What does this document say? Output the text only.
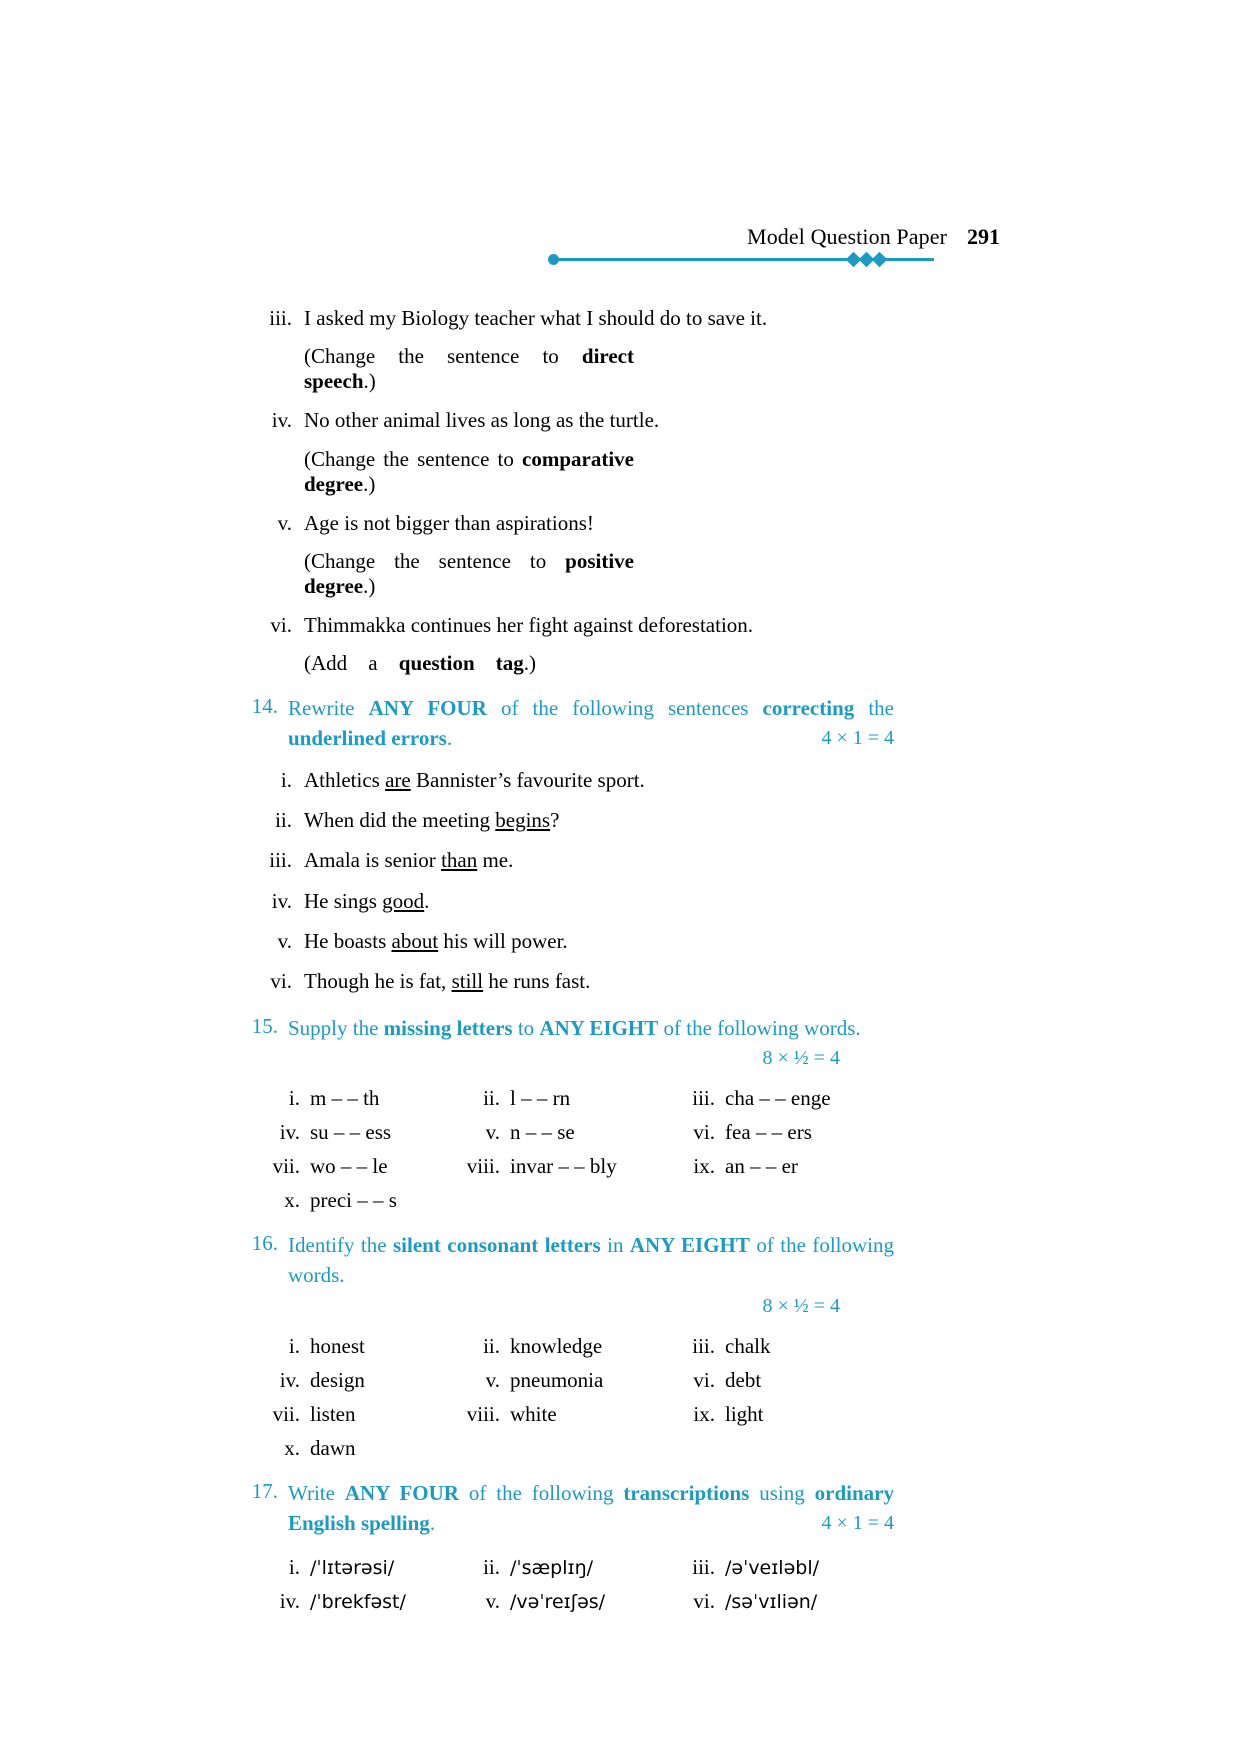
Model Question Paper 291
iii. I asked my Biology teacher what I should do to save it.
(Change the sentence to direct speech.)
iv. No other animal lives as long as the turtle.
(Change the sentence to comparative degree.)
v. Age is not bigger than aspirations!
(Change the sentence to positive degree.)
vi. Thimmakka continues her fight against deforestation.
(Add a question tag.)
14. Rewrite ANY FOUR of the following sentences correcting the underlined errors.	4 × 1 = 4
i. Athletics are Bannister’s favourite sport.
ii. When did the meeting begins?
iii. Amala is senior than me.
iv. He sings good.
v. He boasts about his will power.
vi. Though he is fat, still he runs fast.
15. Supply the missing letters to ANY EIGHT of the following words.
8 × ½ = 4
i. m – – th	ii. l – – rn	iii. cha – – enge
iv. su – – ess	v. n – – se	vi. fea – – ers
vii. wo – – le	viii. invar – – bly	ix. an – – er
x. preci – – s
16. Identify the silent consonant letters in ANY EIGHT of the following words.
8 × ½ = 4
i. honest	ii. knowledge	iii. chalk
iv. design	v. pneumonia	vi. debt
vii. listen	viii. white	ix. light
x. dawn
17. Write ANY FOUR of the following transcriptions using ordinary English spelling.	4 × 1 = 4
i. /ˈlɪtərəsi/	ii. /ˈsæplɪŋ/	iii. /əˈveɪləbl/
iv. /ˈbrekfəst/	v. /vəˈreɪʃəs/	vi. /səˈvɪliən/
